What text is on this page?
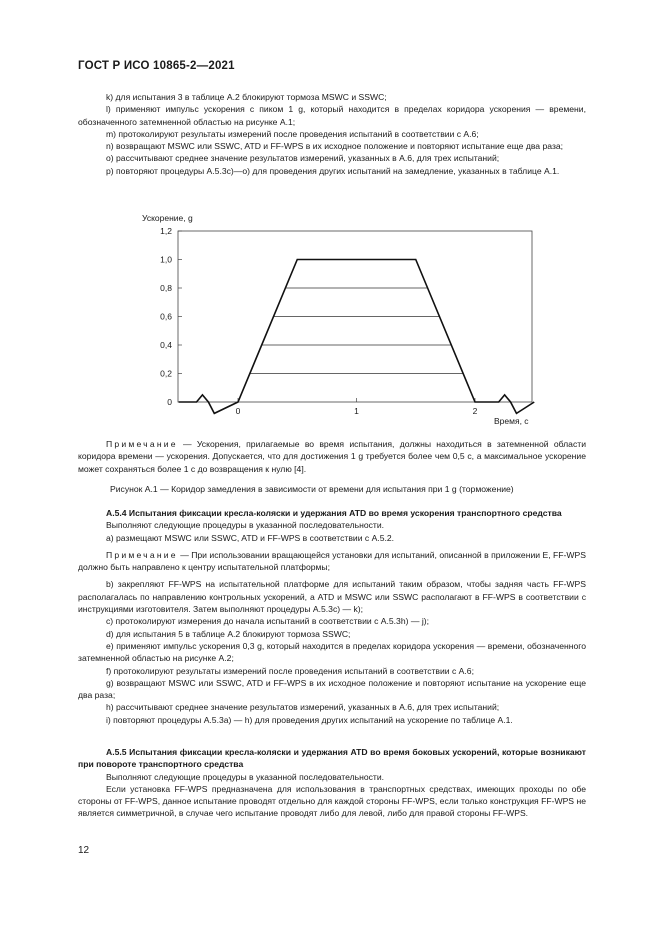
ГОСТ Р ИСО 10865-2—2021

k) для испытания 3 в таблице А.2 блокируют тормоза MSWC и SSWC;

l) применяют импульс ускорения с пиком 1 g, который находится в пределах коридора ускорения — времени, обозначенного затемненной областью на рисунке А.1;

m) протоколируют результаты измерений после проведения испытаний в соответствии с А.6;

n) возвращают MSWC или SSWC, ATD и FF-WPS в их исходное положение и повторяют испытание еще два раза;

o) рассчитывают среднее значение результатов измерений, указанных в А.6, для трех испытаний;

p) повторяют процедуры А.5.3c)—o) для проведения других испытаний на замедление, указанных в таблице А.1.

Ускорение, g
Время, с
0
0,2
0,4
0,6
0,8
1,0
1,2
0	1	2

Примечание — Ускорения, прилагаемые во время испытания, должны находиться в затемненной области коридора времени — ускорения. Допускается, что для достижения 1 g требуется более чем 0,5 с, а максимальное ускорение может сохраняться более 1 с до возвращения к нулю [4].

Рисунок А.1 — Коридор замедления в зависимости от времени для испытания при 1 g (торможение)

А.5.4 Испытания фиксации кресла-коляски и удержания ATD во время ускорения транспортного средства

Выполняют следующие процедуры в указанной последовательности.

а) размещают MSWC или SSWC, ATD и FF-WPS в соответствии с А.5.2.

Примечание — При использовании вращающейся установки для испытаний, описанной в приложении Е, FF-WPS должно быть направлено к центру испытательной платформы;

b) закрепляют FF-WPS на испытательной платформе для испытаний таким образом, чтобы задняя часть FF-WPS располагалась по направлению контрольных ускорений, а ATD и MSWC или SSWC располагают в FF-WPS в соответствии с инструкциями изготовителя. Затем выполняют процедуры А.5.3c) — k);

c) протоколируют измерения до начала испытаний в соответствии с А.5.3h) — j);

d) для испытания 5 в таблице А.2 блокируют тормоза SSWC;

e) применяют импульс ускорения 0,3 g, который находится в пределах коридора ускорения — времени, обозначенного затемненной областью на рисунке А.2;

f) протоколируют результаты измерений после проведения испытаний в соответствии с А.6;

g) возвращают MSWC или SSWC, ATD и FF-WPS в их исходное положение и повторяют испытание на ускорение еще два раза;

h) рассчитывают среднее значение результатов измерений, указанных в А.6, для трех испытаний;

i) повторяют процедуры А.5.3а) — h) для проведения других испытаний на ускорение по таблице А.1.

А.5.5 Испытания фиксации кресла-коляски и удержания ATD во время боковых ускорений, которые возникают при повороте транспортного средства

Выполняют следующие процедуры в указанной последовательности.

Если установка FF-WPS предназначена для использования в транспортных средствах, имеющих проходы по обе стороны от FF-WPS, данное испытание проводят отдельно для каждой стороны FF-WPS, если только конструкция FF-WPS не является симметричной, в случае чего испытание проводят либо для левой, либо для правой стороны FF-WPS.

12
